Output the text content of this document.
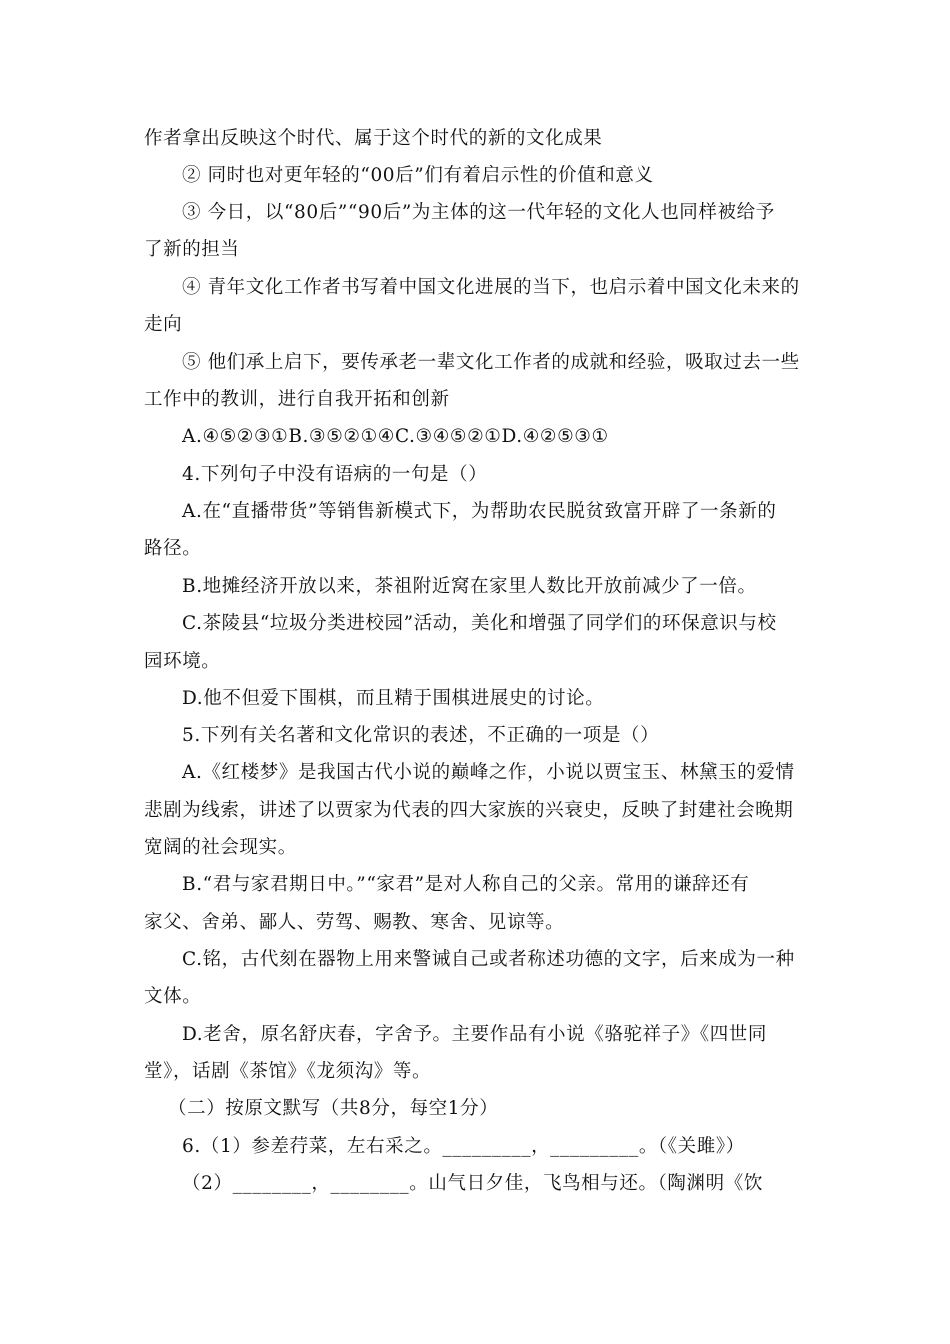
作者拿出反映这个时代、属于这个时代的新的文化成果
② 同时也对更年轻的“00后”们有着启示性的价值和意义
③ 今日，以“80后”“90后”为主体的这一代年轻的文化人也同样被给予
了新的担当
④ 青年文化工作者书写着中国文化进展的当下，也启示着中国文化未来的
走向
⑤ 他们承上启下，要传承老一辈文化工作者的成就和经验，吸取过去一些
工作中的教训，进行自我开拓和创新
A.④⑤②③①B.③⑤②①④C.③④⑤②①D.④②⑤③①
4.下列句子中没有语病的一句是（）
A.在“直播带货”等销售新模式下，为帮助农民脱贫致富开辟了一条新的
路径。
B.地摊经济开放以来，茶祖附近窝在家里人数比开放前减少了一倍。
C.茶陵县“垃圾分类进校园”活动，美化和增强了同学们的环保意识与校
园环境。
D.他不但爱下围棋，而且精于围棋进展史的讨论。
5.下列有关名著和文化常识的表述，不正确的一项是（）
A.《红楼梦》是我国古代小说的巅峰之作，小说以贾宝玉、林黛玉的爱情
悲剧为线索，讲述了以贾家为代表的四大家族的兴衰史，反映了封建社会晚期
宽阔的社会现实。
B.“君与家君期日中。”“家君”是对人称自己的父亲。常用的谦辞还有
家父、舍弟、鄙人、劳驾、赐教、寒舍、见谅等。
C.铭，古代刻在器物上用来警诫自己或者称述功德的文字，后来成为一种
文体。
D.老舍，原名舒庆春，字舍予。主要作品有小说《骆驼祥子》《四世同
堂》，话剧《茶馆》《龙须沟》等。
（二）按原文默写（共8分，每空1分）
6.（1）参差荇菜，左右采之。_________，_________。（《关雎》）
（2）________，________。山气日夕佳，飞鸟相与还。（陶渊明《饮
